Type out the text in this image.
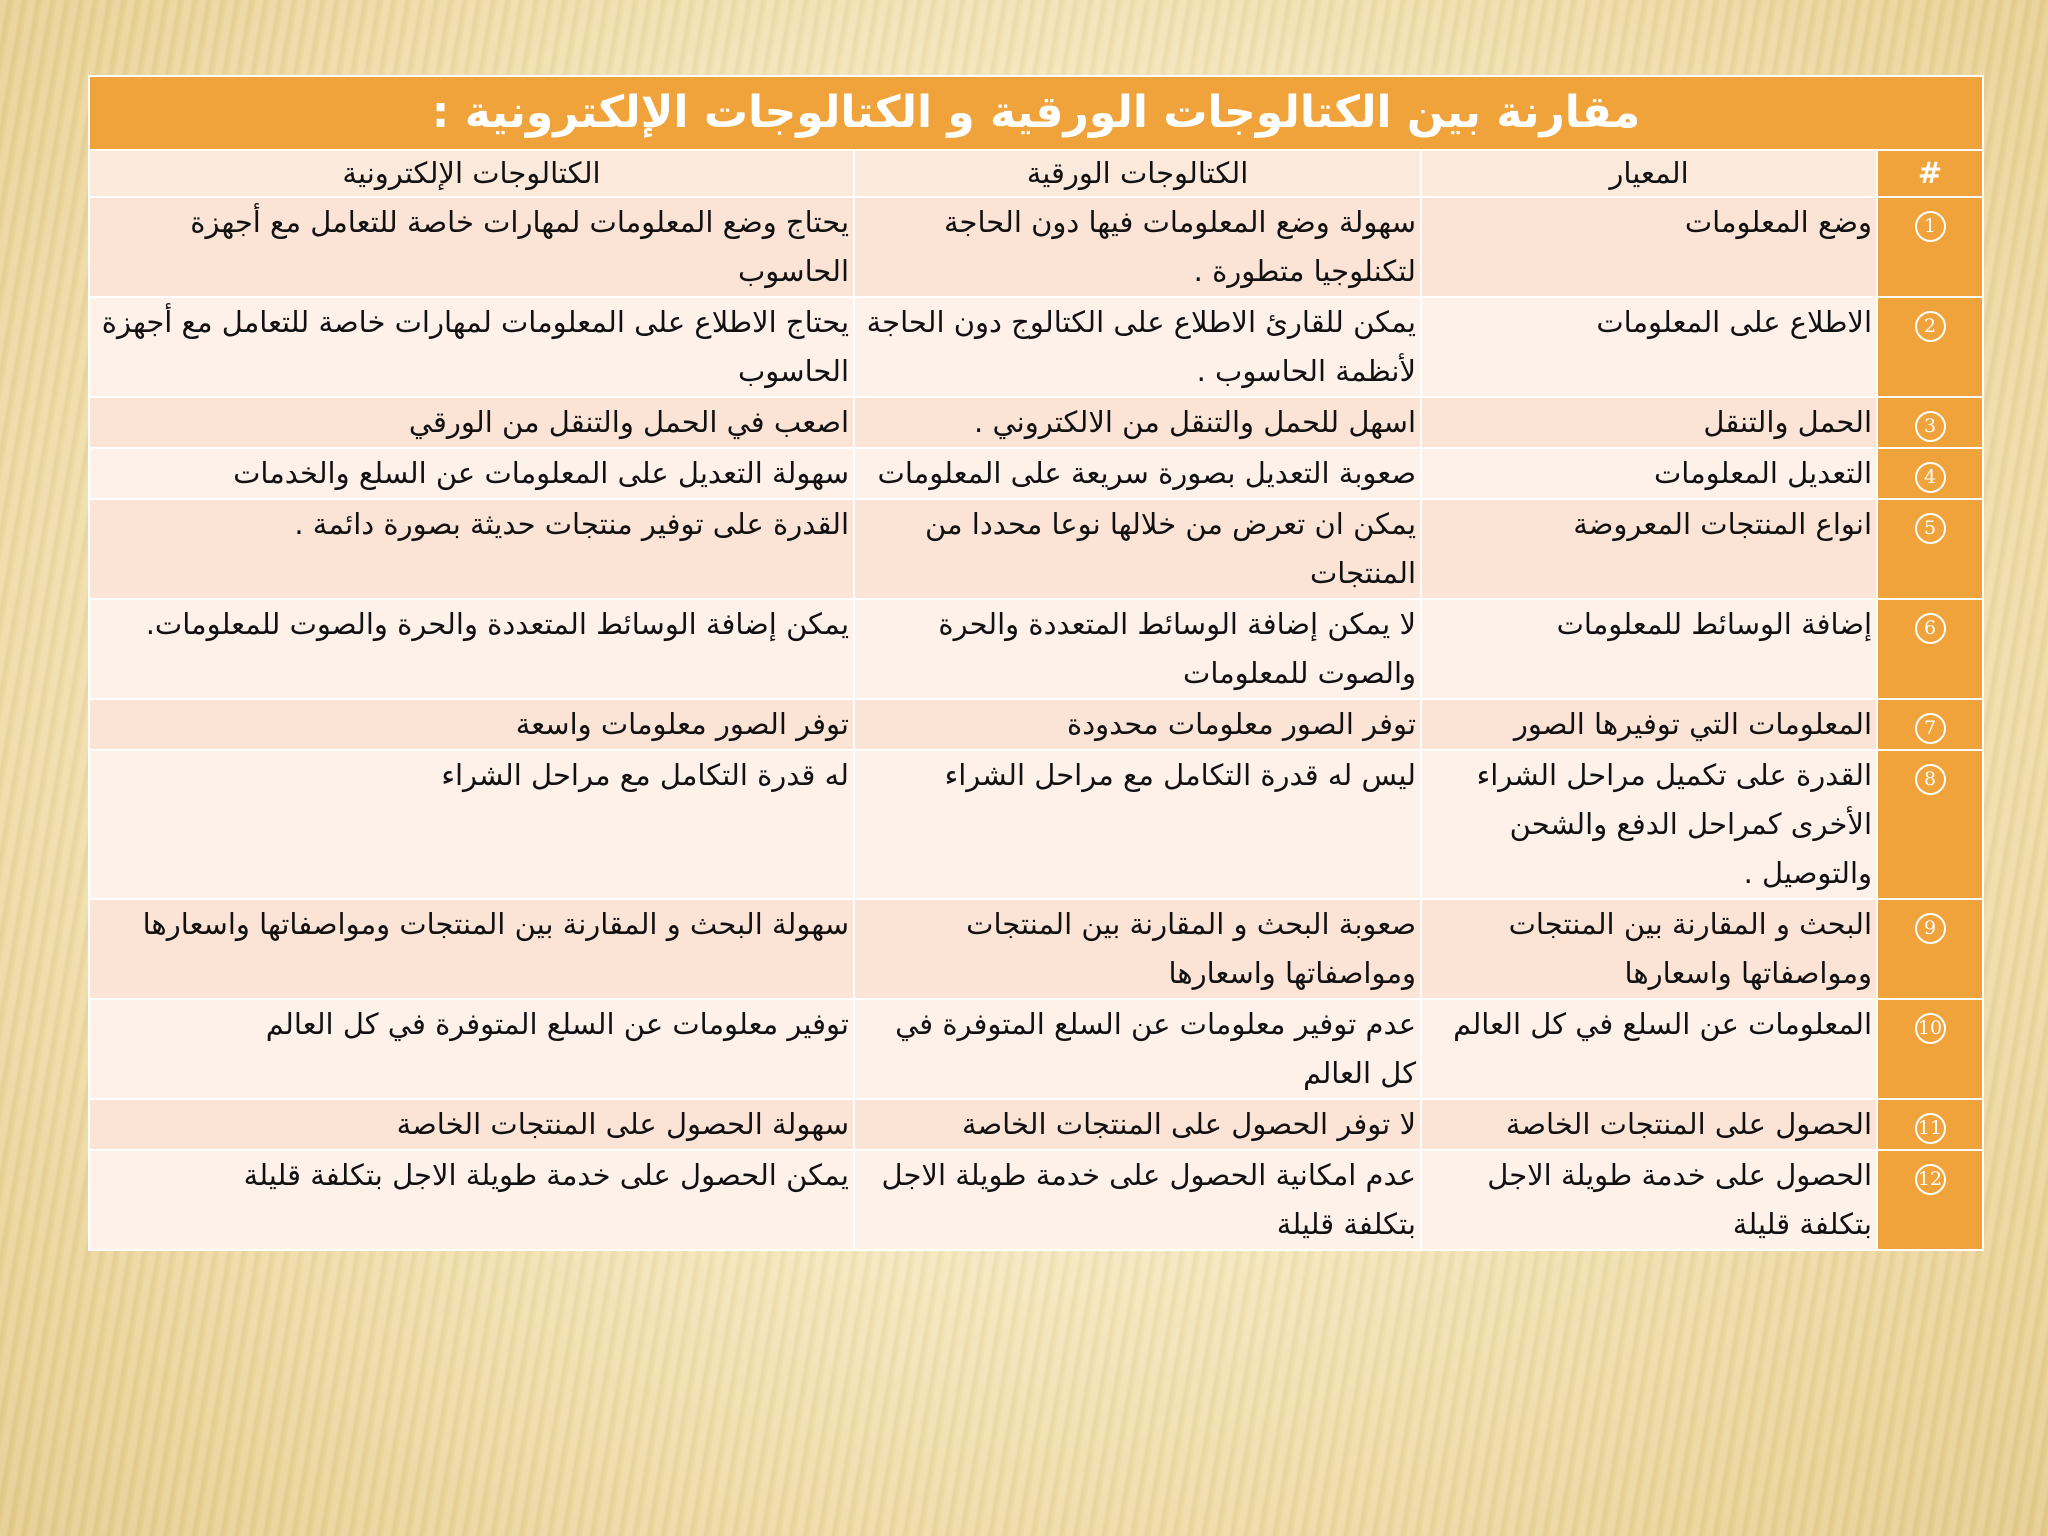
مقارنة بين الكتالوجات الورقية و الكتالوجات الإلكترونية :			
#	المعيار	الكتالوجات الورقية	الكتالوجات الإلكترونية
1	وضع المعلومات	سهولة وضع المعلومات فيها دون الحاجة لتكنلوجيا متطورة .	يحتاج وضع المعلومات لمهارات خاصة للتعامل مع أجهزة الحاسوب
2	الاطلاع على المعلومات	يمكن للقارئ الاطلاع على الكتالوج دون الحاجة لأنظمة الحاسوب .	يحتاج الاطلاع على المعلومات لمهارات خاصة للتعامل مع أجهزة الحاسوب
3	الحمل والتنقل	اسهل للحمل والتنقل من الالكتروني .	اصعب في الحمل والتنقل من الورقي
4	التعديل المعلومات	صعوبة التعديل بصورة سريعة على المعلومات	سهولة التعديل على المعلومات عن السلع والخدمات
5	انواع المنتجات المعروضة	يمكن ان تعرض من خلالها نوعا محددا من المنتجات	القدرة على توفير منتجات حديثة بصورة دائمة .
6	إضافة الوسائط للمعلومات	لا يمكن إضافة الوسائط المتعددة والحرة والصوت للمعلومات	يمكن إضافة الوسائط المتعددة والحرة والصوت للمعلومات.
7	المعلومات التي توفيرها الصور	توفر الصور معلومات محدودة	توفر الصور معلومات واسعة
8	القدرة على تكميل مراحل الشراء الأخرى كمراحل الدفع والشحن والتوصيل .	ليس له قدرة التكامل مع مراحل الشراء	له قدرة التكامل مع مراحل الشراء
9	البحث و المقارنة بين المنتجات ومواصفاتها واسعارها	صعوبة البحث و المقارنة بين المنتجات ومواصفاتها واسعارها	سهولة البحث و المقارنة بين المنتجات ومواصفاتها واسعارها
10	المعلومات عن السلع في كل العالم	عدم توفير معلومات عن السلع المتوفرة في كل العالم	توفير معلومات عن السلع المتوفرة في كل العالم
11	الحصول على المنتجات الخاصة	لا توفر الحصول على المنتجات الخاصة	سهولة الحصول على المنتجات الخاصة
12	الحصول على خدمة طويلة الاجل بتكلفة قليلة	عدم امكانية الحصول على خدمة طويلة الاجل بتكلفة قليلة	يمكن الحصول على خدمة طويلة الاجل بتكلفة قليلة
